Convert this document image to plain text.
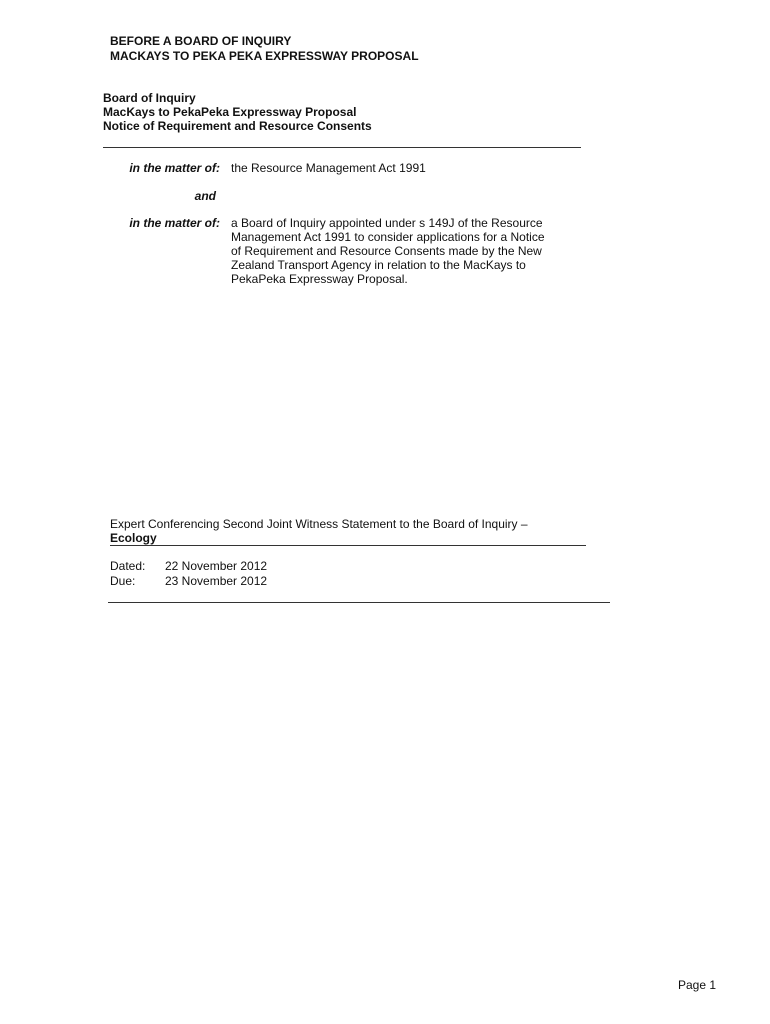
BEFORE A BOARD OF INQUIRY
MACKAYS TO PEKA PEKA EXPRESSWAY PROPOSAL
Board of Inquiry
MacKays to PekaPeka Expressway Proposal
Notice of Requirement and Resource Consents
in the matter of: the Resource Management Act 1991
and
in the matter of: a Board of Inquiry appointed under s 149J of the Resource
Management Act 1991 to consider applications for a Notice
of Requirement and Resource Consents made by the New
Zealand Transport Agency in relation to the MacKays to
PekaPeka Expressway Proposal.
Expert Conferencing Second Joint Witness Statement to the Board of Inquiry –
Ecology
Dated: 22 November 2012
Due: 23 November 2012
Page 1
